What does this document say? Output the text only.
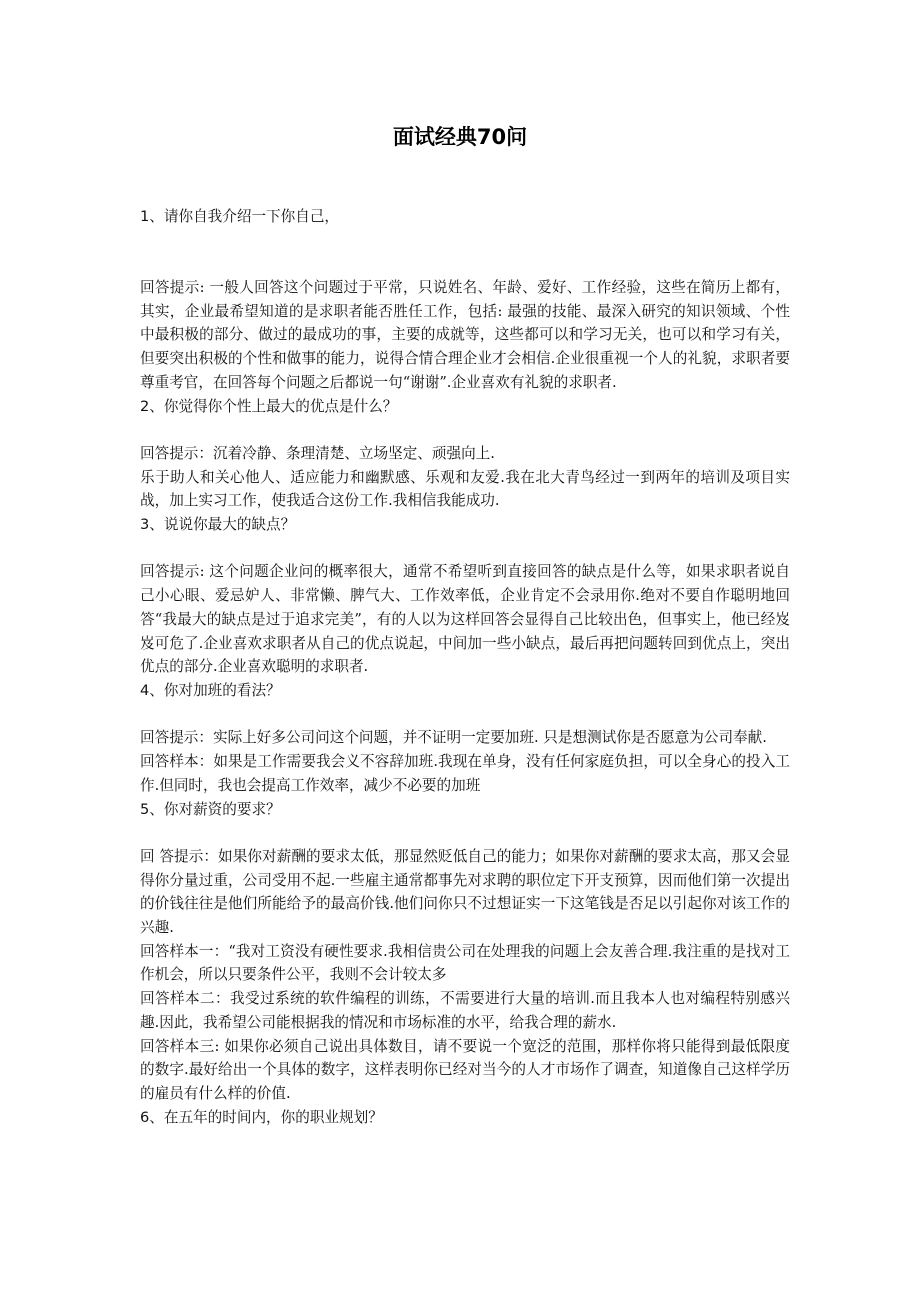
面试经典70问

1、请你自我介绍一下你自己，

回答提示: 一般人回答这个问题过于平常，只说姓名、年龄、爱好、工作经验，这些在简历上都有，其实，企业最希望知道的是求职者能否胜任工作，包括: 最强的技能、最深入研究的知识领域、个性中最积极的部分、做过的最成功的事，主要的成就等，这些都可以和学习无关，也可以和学习有关，但要突出积极的个性和做事的能力，说得合情合理企业才会相信.企业很重视一个人的礼貌，求职者要尊重考官，在回答每个问题之后都说一句“谢谢”.企业喜欢有礼貌的求职者.

2、你觉得你个性上最大的优点是什么？

回答提示：沉着冷静、条理清楚、立场坚定、顽强向上.

乐于助人和关心他人、适应能力和幽默感、乐观和友爱.我在北大青鸟经过一到两年的培训及项目实战，加上实习工作，使我适合这份工作.我相信我能成功.

3、说说你最大的缺点？

回答提示: 这个问题企业问的概率很大，通常不希望听到直接回答的缺点是什么等，如果求职者说自己小心眼、爱忌妒人、非常懒、脾气大、工作效率低，企业肯定不会录用你.绝对不要自作聪明地回答“我最大的缺点是过于追求完美”，有的人以为这样回答会显得自己比较出色，但事实上，他已经岌岌可危了.企业喜欢求职者从自己的优点说起，中间加一些小缺点，最后再把问题转回到优点上，突出优点的部分.企业喜欢聪明的求职者.

4、你对加班的看法？

回答提示：实际上好多公司问这个问题，并不证明一定要加班. 只是想测试你是否愿意为公司奉献.

回答样本：如果是工作需要我会义不容辞加班.我现在单身，没有任何家庭负担，可以全身心的投入工作.但同时，我也会提高工作效率，减少不必要的加班

5、你对薪资的要求？

回 答提示：如果你对薪酬的要求太低，那显然贬低自己的能力；如果你对薪酬的要求太高，那又会显得你分量过重，公司受用不起.一些雇主通常都事先对求聘的职位定下开支预算，因而他们第一次提出的价钱往往是他们所能给予的最高价钱.他们问你只不过想证实一下这笔钱是否足以引起你对该工作的兴趣.

回答样本一：“我对工资没有硬性要求.我相信贵公司在处理我的问题上会友善合理.我注重的是找对工作机会，所以只要条件公平，我则不会计较太多

回答样本二：我受过系统的软件编程的训练，不需要进行大量的培训.而且我本人也对编程特别感兴趣.因此，我希望公司能根据我的情况和市场标准的水平，给我合理的薪水.

回答样本三: 如果你必须自己说出具体数目，请不要说一个宽泛的范围，那样你将只能得到最低限度的数字.最好给出一个具体的数字，这样表明你已经对当今的人才市场作了调查，知道像自己这样学历的雇员有什么样的价值.

6、在五年的时间内，你的职业规划？
